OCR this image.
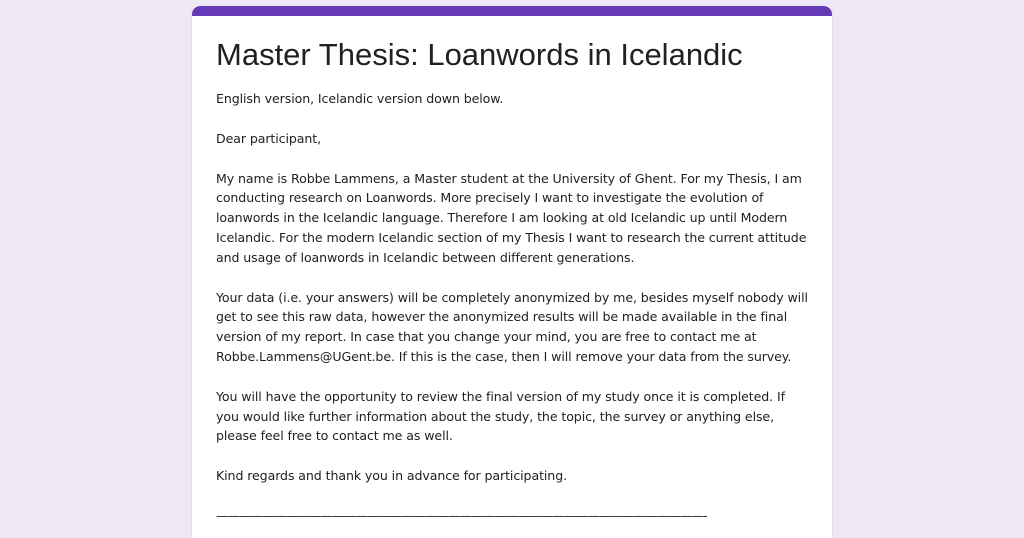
Master Thesis: Loanwords in Icelandic

English version, Icelandic version down below.

Dear participant,

My name is Robbe Lammens, a Master student at the University of Ghent. For my Thesis, I am conducting research on Loanwords. More precisely I want to investigate the evolution of loanwords in the Icelandic language. Therefore I am looking at old Icelandic up until Modern Icelandic. For the modern Icelandic section of my Thesis I want to research the current attitude and usage of loanwords in Icelandic between different generations.

Your data (i.e. your answers) will be completely anonymized by me, besides myself nobody will get to see this raw data, however the anonymized results will be made available in the final version of my report. In case that you change your mind, you are free to contact me at Robbe.Lammens@UGent.be. If this is the case, then I will remove your data from the survey.

You will have the opportunity to review the final version of my study once it is completed. If you would like further information about the study, the topic, the survey or anything else, please feel free to contact me as well.

Kind regards and thank you in advance for participating.

——————————————————————————————————————————-
